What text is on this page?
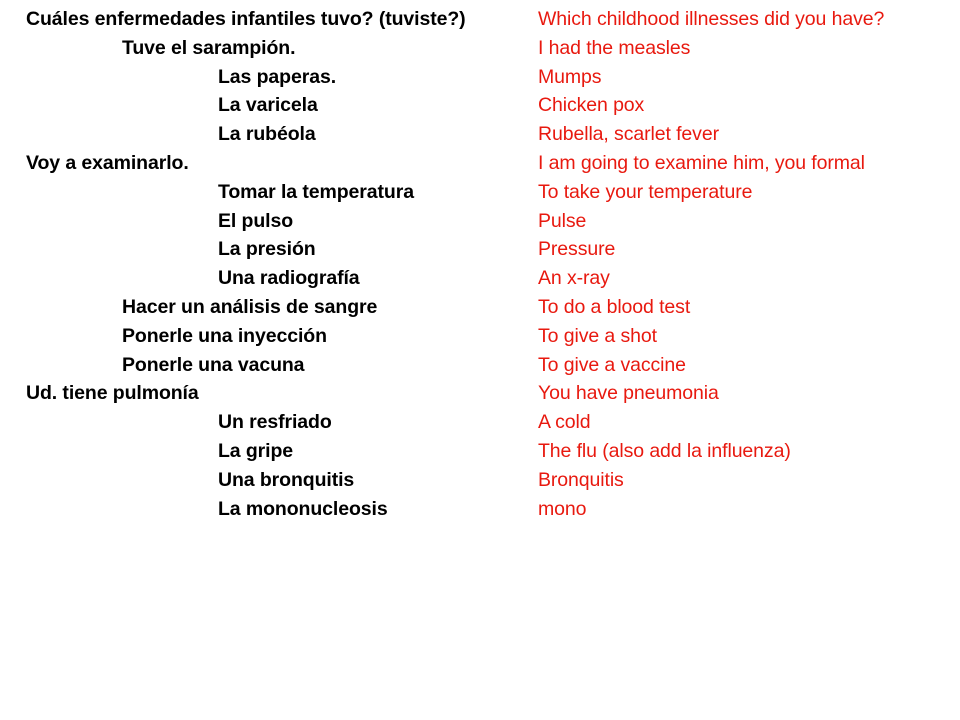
Cuáles enfermedades infantiles tuvo? (tuviste?)	Which childhood illnesses did you have?
Tuve el sarampión.	I had the measles
Las paperas.	Mumps
La varicela	Chicken pox
La rubéola	Rubella, scarlet fever
Voy a examinarlo.	I am going to examine him, you formal
Tomar la temperatura	To take your temperature
El pulso	Pulse
La presión	Pressure
Una radiografía	An x-ray
Hacer un análisis de sangre	To do a blood test
Ponerle una inyección	To give a shot
Ponerle una vacuna	To give a vaccine
Ud. tiene pulmonía	You have pneumonia
Un resfriado	A cold
La gripe	The flu (also add la influenza)
Una bronquitis	Bronquitis
La mononucleosis	mono
